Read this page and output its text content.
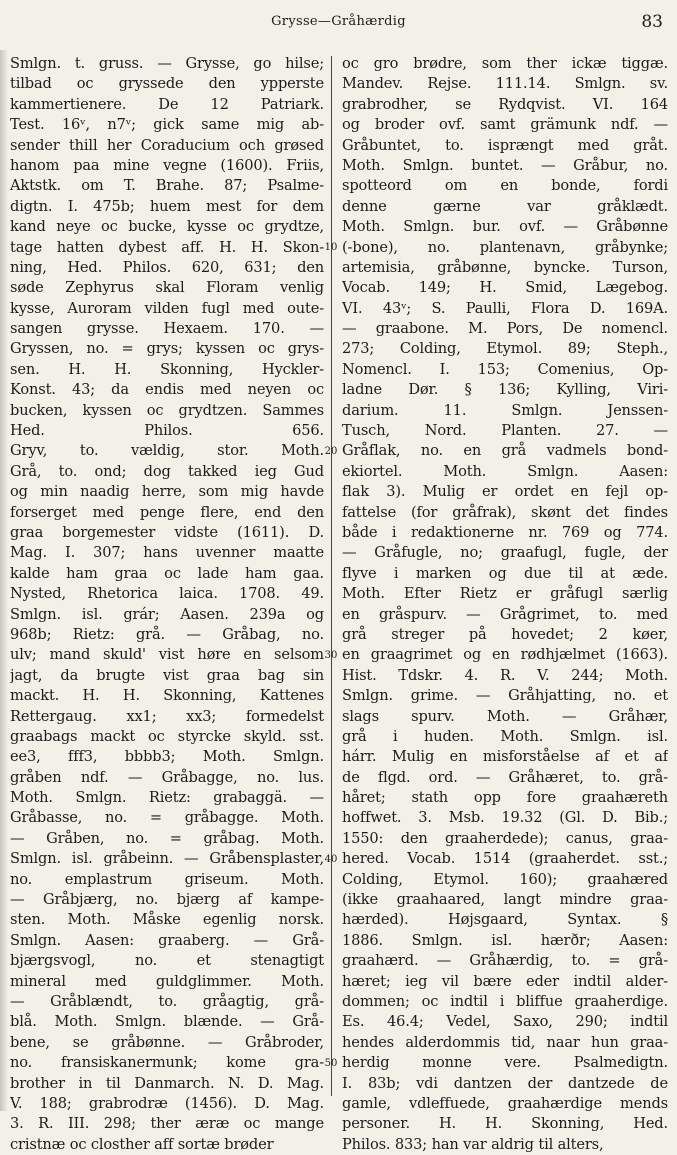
Grysse—Gråhærdig	83
Smlgn. t. gruss. — Grysse, go hilse;
tilbad oc gryssede den ypperste
kammertienere. De 12 Patriark.
Test. 16ᵛ, n7ᵛ; gick same mig ab-
sender thill her Coraducium och grøsed
hanom paa mine vegne (1600). Friis,
Aktstk. om T. Brahe. 87; Psalme-
digtn. I. 475b; huem mest for dem
kand neye oc bucke, kysse oc grydtze,
tage hatten dybest aff. H. H. Skon-
ning, Hed. Philos. 620, 631; den
søde Zephyrus skal Floram venlig
kysse, Auroram vilden fugl med oute-
sangen grysse. Hexaem. 170. —
Gryssen, no. = grys; kyssen oc grys-
sen. H. H. Skonning, Hyckler-
Konst. 43; da endis med neyen oc
bucken, kyssen oc grydtzen. Sammes
Hed. Philos. 656.
Gryv, to. vældig, stor. Moth.
Grå, to. ond; dog takked ieg Gud
og min naadig herre, som mig havde
forserget med penge flere, end den
graa borgemester vidste (1611). D.
Mag. I. 307; hans uvenner maatte
kalde ham graa oc lade ham gaa.
Nysted, Rhetorica laica. 1708. 49.
Smlgn. isl. grár; Aasen. 239a og
968b; Rietz: grå. — Gråbag, no.
ulv; mand skuld' vist høre en selsom
jagt, da brugte vist graa bag sin
mackt. H. H. Skonning, Kattenes
Rettergaug. xx1; xx3; formedelst
graabags mackt oc styrcke skyld. sst.
ee3, fff3, bbbb3; Moth. Smlgn.
gråben ndf. — Gråbagge, no. lus.
Moth. Smlgn. Rietz: grabaggä. —
Gråbasse, no. = gråbagge. Moth.
— Gråben, no. = gråbag. Moth.
Smlgn. isl. gråbeinn. — Gråbensplaster,
no. emplastrum griseum. Moth.
— Gråbjærg, no. bjærg af kampe-
sten. Moth. Måske egenlig norsk.
Smlgn. Aasen: graaberg. — Grå-
bjærgsvogl, no. et stenagtigt
mineral med guldglimmer. Moth.
— Gråblændt, to. gråagtig, grå-
blå. Moth. Smlgn. blænde. — Grå-
bene, se gråbønne. — Gråbroder,
no. fransiskanermunk; kome gra-
brother in til Danmarch. N. D. Mag.
V. 188; grabrodræ (1456). D. Mag.
3. R. III. 298; ther æræ oc mange
cristnæ oc closther aff sortæ brøder
10
20
30
40
50
oc gro brødre, som ther ickæ tiggæ.
Mandev. Rejse. 111.14. Smlgn. sv.
grabrodher, se Rydqvist. VI. 164
og broder ovf. samt grämunk ndf. —
Gråbuntet, to. isprængt med gråt.
Moth. Smlgn. buntet. — Gråbur, no.
spotteord om en bonde, fordi
denne gærne var gråklædt.
Moth. Smlgn. bur. ovf. — Gråbønne
(-bone), no. plantenavn, gråbynke;
artemisia, gråbønne, byncke. Turson,
Vocab. 149; H. Smid, Lægebog.
VI. 43ᵛ; S. Paulli, Flora D. 169A.
— graabone. M. Pors, De nomencl.
273; Colding, Etymol. 89; Steph.,
Nomencl. I. 153; Comenius, Op-
ladne Dør. § 136; Kylling, Viri-
darium. 11. Smlgn. Jenssen-
Tusch, Nord. Planten. 27. —
Gråflak, no. en grå vadmels bond-
ekiortel. Moth. Smlgn. Aasen:
flak 3). Mulig er ordet en fejl op-
fattelse (for gråfrak), skønt det findes
både i redaktionerne nr. 769 og 774.
— Gråfugle, no; graafugl, fugle, der
flyve i marken og due til at æde.
Moth. Efter Rietz er gråfugl særlig
en gråspurv. — Grågrimet, to. med
grå streger på hovedet; 2 køer,
en graagrimet og en rødhjælmet (1663).
Hist. Tdskr. 4. R. V. 244; Moth.
Smlgn. grime. — Gråhjatting, no. et
slags spurv. Moth. — Gråhær,
grå i huden. Moth. Smlgn. isl.
hárr. Mulig en misforståelse af et af
de flgd. ord. — Gråhæret, to. grå-
håret; stath opp fore graahæreth
hoffwet. 3. Msb. 19.32 (Gl. D. Bib.;
1550: den graaherdede); canus, graa-
hered. Vocab. 1514 (graaherdet. sst.;
Colding, Etymol. 160); graahæred
(ikke graahaared, langt mindre graa-
hærded). Højsgaard, Syntax. §
1886. Smlgn. isl. hærðr; Aasen:
graahærd. — Gråhærdig, to. = grå-
hæret; ieg vil bære eder indtil alder-
dommen; oc indtil i bliffue graaherdige.
Es. 46.4; Vedel, Saxo, 290; indtil
hendes alderdommis tid, naar hun graa-
herdig monne vere. Psalmedigtn.
I. 83b; vdi dantzen der dantzede de
gamle, vdleffuede, graahærdige mends
personer. H. H. Skonning, Hed.
Philos. 833; han var aldrig til alters,
